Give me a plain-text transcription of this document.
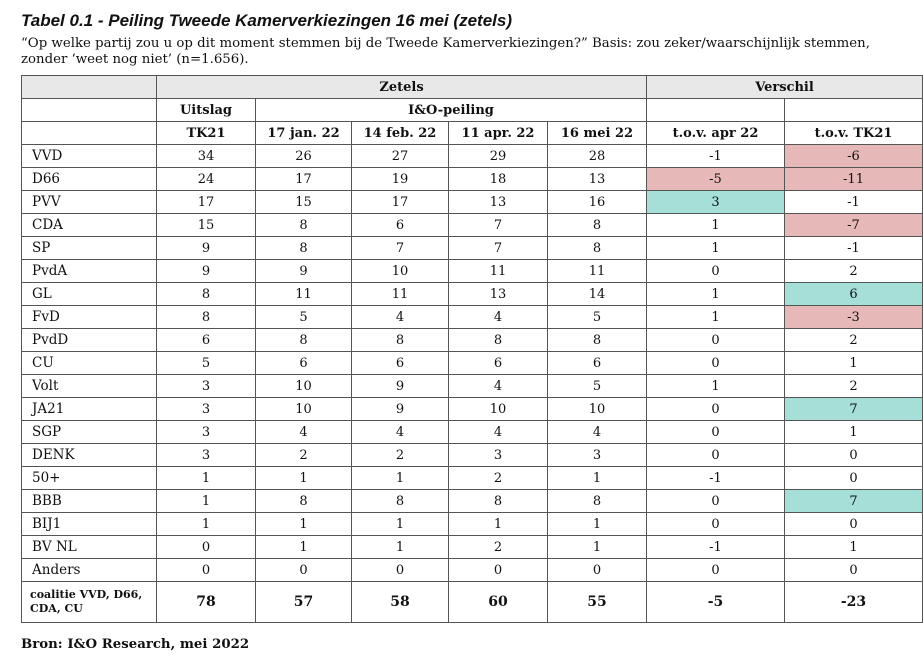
Tabel 0.1 - Peiling Tweede Kamerverkiezingen 16 mei (zetels)
“Op welke partij zou u op dit moment stemmen bij de Tweede Kamerverkiezingen?” Basis: zou zeker/waarschijnlijk stemmen, zonder ‘weet nog niet’ (n=1.656).
	Zetels					Verschil	
	Uitslag	I&O-peiling					
	TK21	17 jan. 22	14 feb. 22	11 apr. 22	16 mei 22	t.o.v. apr 22	t.o.v. TK21
VVD	34	26	27	29	28	-1	-6
D66	24	17	19	18	13	-5	-11
PVV	17	15	17	13	16	3	-1
CDA	15	8	6	7	8	1	-7
SP	9	8	7	7	8	1	-1
PvdA	9	9	10	11	11	0	2
GL	8	11	11	13	14	1	6
FvD	8	5	4	4	5	1	-3
PvdD	6	8	8	8	8	0	2
CU	5	6	6	6	6	0	1
Volt	3	10	9	4	5	1	2
JA21	3	10	9	10	10	0	7
SGP	3	4	4	4	4	0	1
DENK	3	2	2	3	3	0	0
50+	1	1	1	2	1	-1	0
BBB	1	8	8	8	8	0	7
BIJ1	1	1	1	1	1	0	0
BV NL	0	1	1	2	1	-1	1
Anders	0	0	0	0	0	0	0
coalitie VVD, D66, CDA, CU	78	57	58	60	55	-5	-23
Bron: I&O Research, mei 2022
